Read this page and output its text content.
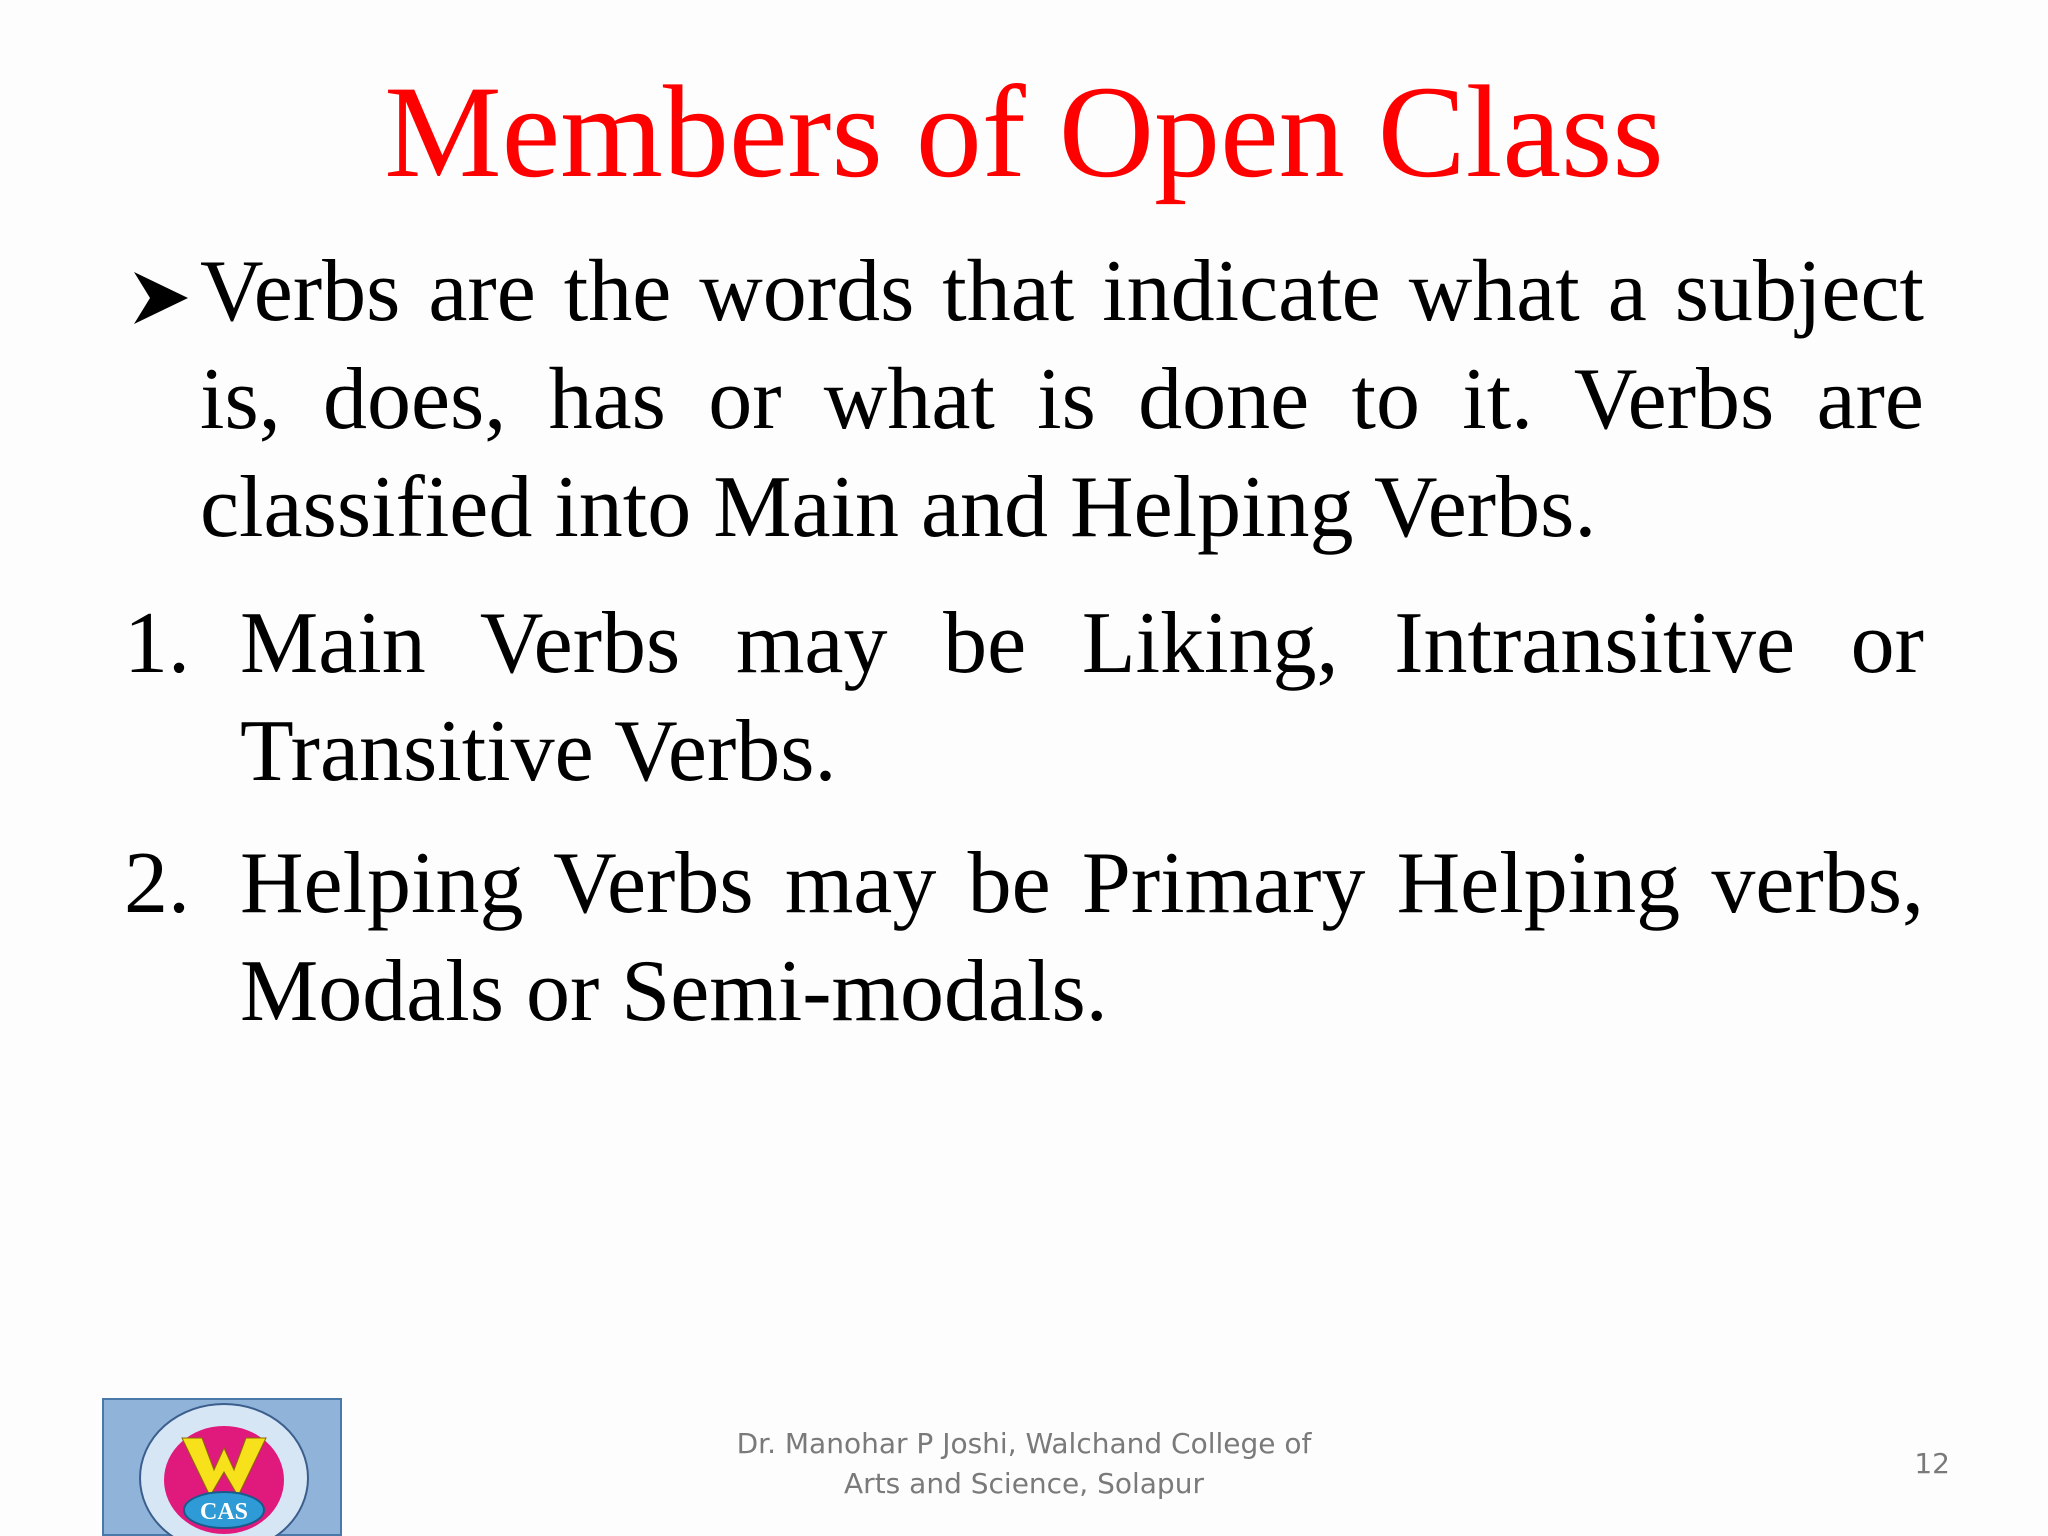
Members of Open Class
Verbs are the words that indicate what a subject is, does, has or what is done to it. Verbs are classified into Main and Helping Verbs.
1. Main Verbs may be Liking, Intransitive or Transitive Verbs.
2. Helping Verbs may be Primary Helping verbs, Modals or Semi-modals.
CAS
Dr. Manohar P Joshi, Walchand College of
Arts and Science, Solapur
12
